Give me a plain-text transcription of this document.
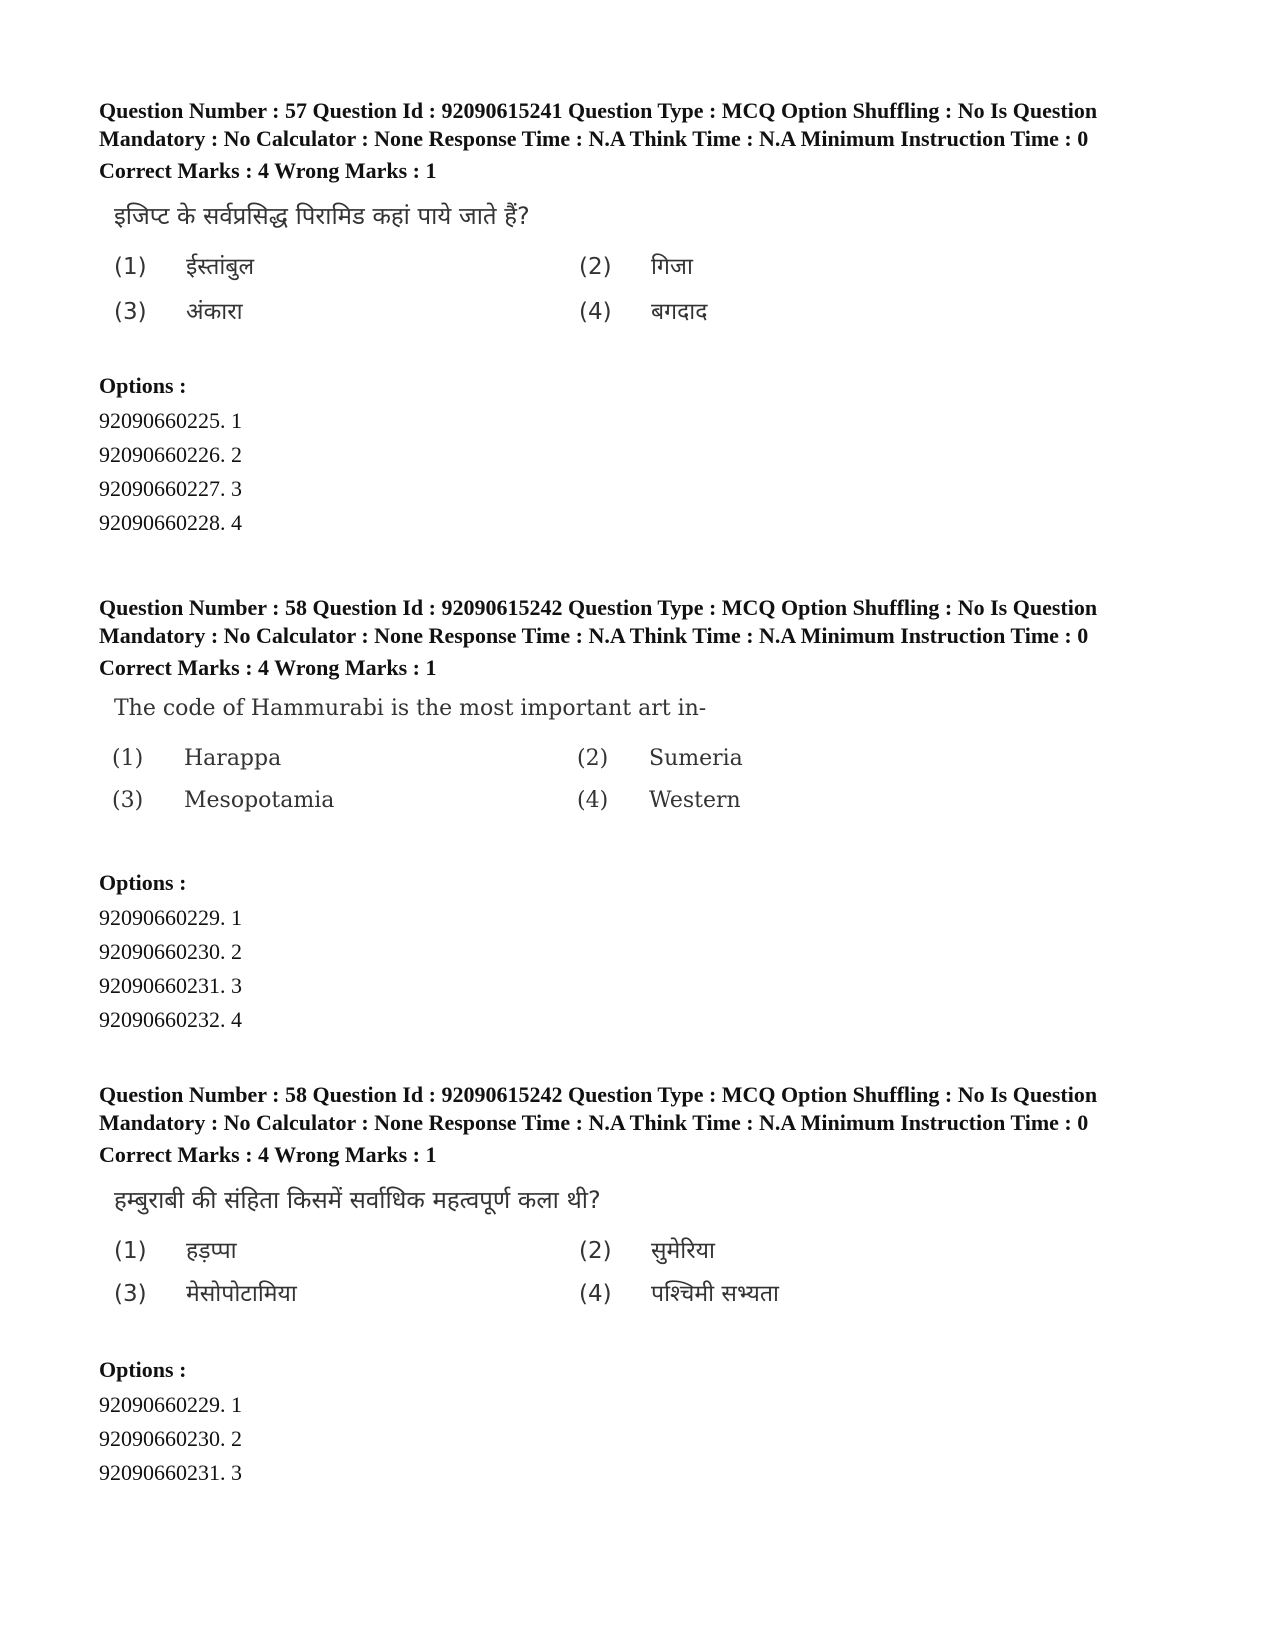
Question Number : 57 Question Id : 92090615241 Question Type : MCQ Option Shuffling : No Is Question Mandatory : No Calculator : None Response Time : N.A Think Time : N.A Minimum Instruction Time : 0

Correct Marks : 4 Wrong Marks : 1

इजिप्ट के सर्वप्रसिद्ध पिरामिड कहां पाये जाते हैं?
(1) ईस्तांबुल	(2) गिजा
(3) अंकारा	(4) बगदाद

Options :

92090660225. 1
92090660226. 2
92090660227. 3
92090660228. 4

Question Number : 58 Question Id : 92090615242 Question Type : MCQ Option Shuffling : No Is Question Mandatory : No Calculator : None Response Time : N.A Think Time : N.A Minimum Instruction Time : 0

Correct Marks : 4 Wrong Marks : 1

The code of Hammurabi is the most important art in-
(1) Harappa	(2) Sumeria
(3) Mesopotamia	(4) Western

Options :

92090660229. 1
92090660230. 2
92090660231. 3
92090660232. 4

Question Number : 58 Question Id : 92090615242 Question Type : MCQ Option Shuffling : No Is Question Mandatory : No Calculator : None Response Time : N.A Think Time : N.A Minimum Instruction Time : 0

Correct Marks : 4 Wrong Marks : 1

हम्बुराबी की संहिता किसमें सर्वाधिक महत्वपूर्ण कला थी?
(1) हड़प्पा	(2) सुमेरिया
(3) मेसोपोटामिया	(4) पश्चिमी सभ्यता

Options :

92090660229. 1
92090660230. 2
92090660231. 3
